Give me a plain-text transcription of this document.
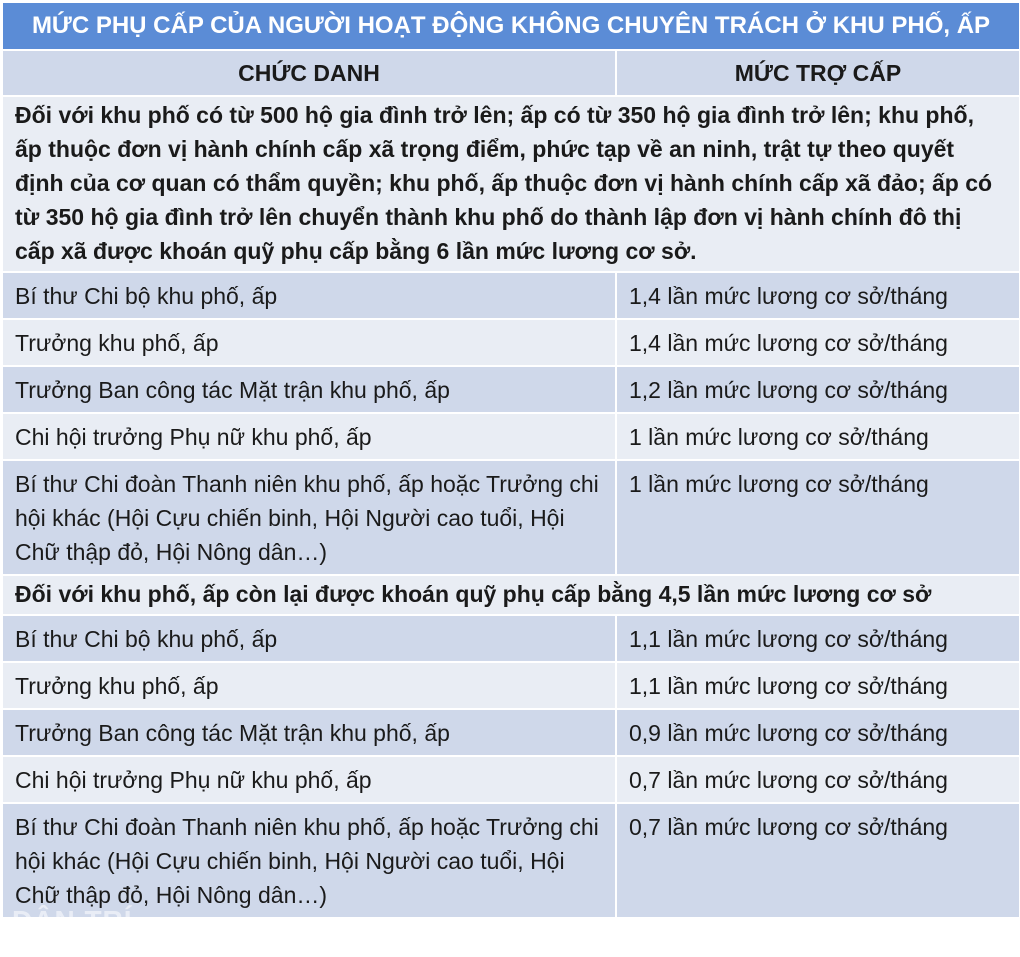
MỨC PHỤ CẤP CỦA NGƯỜI HOẠT ĐỘNG KHÔNG CHUYÊN TRÁCH Ở KHU PHỐ, ẤP	
CHỨC DANH	MỨC TRỢ CẤP
Đối với khu phố có từ 500 hộ gia đình trở lên; ấp có từ 350 hộ gia đình trở lên; khu phố, ấp thuộc đơn vị hành chính cấp xã trọng điểm, phức tạp về an ninh, trật tự theo quyết định của cơ quan có thẩm quyền; khu phố, ấp thuộc đơn vị hành chính cấp xã đảo; ấp có từ 350 hộ gia đình trở lên chuyển thành khu phố do thành lập đơn vị hành chính đô thị cấp xã được khoán quỹ phụ cấp bằng 6 lần mức lương cơ sở.	
Bí thư Chi bộ khu phố, ấp	1,4 lần mức lương cơ sở/tháng
Trưởng khu phố, ấp	1,4 lần mức lương cơ sở/tháng
Trưởng Ban công tác Mặt trận khu phố, ấp	1,2 lần mức lương cơ sở/tháng
Chi hội trưởng Phụ nữ khu phố, ấp	1 lần mức lương cơ sở/tháng
Bí thư Chi đoàn Thanh niên khu phố, ấp hoặc Trưởng chi hội khác (Hội Cựu chiến binh, Hội Người cao tuổi, Hội Chữ thập đỏ, Hội Nông dân…)	1 lần mức lương cơ sở/tháng
Đối với khu phố, ấp còn lại được khoán quỹ phụ cấp bằng 4,5 lần mức lương cơ sở	
Bí thư Chi bộ khu phố, ấp	1,1 lần mức lương cơ sở/tháng
Trưởng khu phố, ấp	1,1 lần mức lương cơ sở/tháng
Trưởng Ban công tác Mặt trận khu phố, ấp	0,9 lần mức lương cơ sở/tháng
Chi hội trưởng Phụ nữ khu phố, ấp	0,7 lần mức lương cơ sở/tháng
Bí thư Chi đoàn Thanh niên khu phố, ấp hoặc Trưởng chi hội khác (Hội Cựu chiến binh, Hội Người cao tuổi, Hội Chữ thập đỏ, Hội Nông dân…)	0,7 lần mức lương cơ sở/tháng
DÂN TRÍ
